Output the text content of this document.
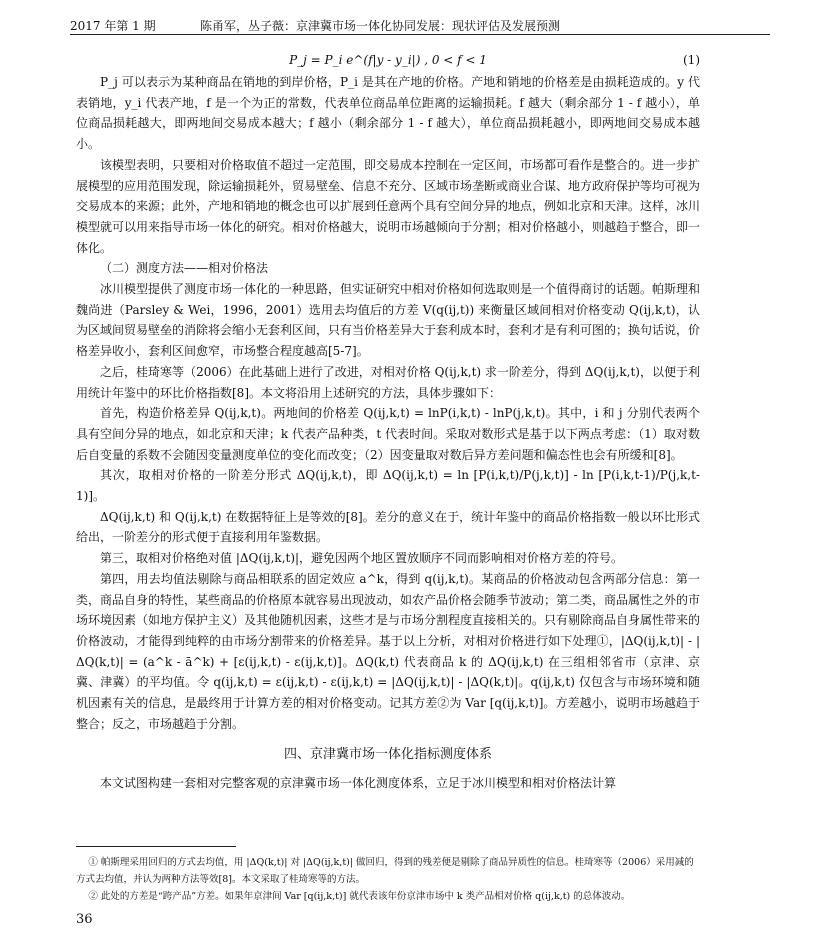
2017 年第 1 期	陈甬军，丛子薇：京津冀市场一体化协同发展：现状评估及发展预测
P_j = P_i e^(f|y - y_i|) , 0 < f < 1	(1)

P_j 可以表示为某种商品在销地的到岸价格，P_i 是其在产地的价格。产地和销地的价格差是由损耗造成的。y 代表销地，y_i 代表产地，f 是一个为正的常数，代表单位商品单位距离的运输损耗。f 越大（剩余部分 1 - f 越小），单位商品损耗越大，即两地间交易成本越大；f 越小（剩余部分 1 - f 越大），单位商品损耗越小，即两地间交易成本越小。

该模型表明，只要相对价格取值不超过一定范围，即交易成本控制在一定区间，市场都可看作是整合的。进一步扩展模型的应用范围发现，除运输损耗外，贸易壁垒、信息不充分、区域市场垄断或商业合谋、地方政府保护等均可视为交易成本的来源；此外，产地和销地的概念也可以扩展到任意两个具有空间分异的地点，例如北京和天津。这样，冰川模型就可以用来指导市场一体化的研究。相对价格越大，说明市场越倾向于分割；相对价格越小，则越趋于整合，即一体化。

（二）测度方法——相对价格法

冰川模型提供了测度市场一体化的一种思路，但实证研究中相对价格如何选取则是一个值得商讨的话题。帕斯理和魏尚进（Parsley & Wei，1996，2001）选用去均值后的方差 V(q(ij,t)) 来衡量区域间相对价格变动 Q(ij,k,t)，认为区域间贸易壁垒的消除将会缩小无套利区间，只有当价格差异大于套利成本时，套利才是有利可图的；换句话说，价格差异收小，套利区间愈窄，市场整合程度越高[5-7]。

之后，桂琦寒等（2006）在此基础上进行了改进，对相对价格 Q(ij,k,t) 求一阶差分，得到 ΔQ(ij,k,t)，以便于利用统计年鉴中的环比价格指数[8]。本文将沿用上述研究的方法，具体步骤如下：

首先，构造价格差异 Q(ij,k,t)。两地间的价格差 Q(ij,k,t) = lnP(i,k,t) - lnP(j,k,t)。其中，i 和 j 分别代表两个具有空间分异的地点，如北京和天津；k 代表产品种类，t 代表时间。采取对数形式是基于以下两点考虑：（1）取对数后自变量的系数不会随因变量测度单位的变化而改变；（2）因变量取对数后异方差问题和偏态性也会有所缓和[8]。

其次，取相对价格的一阶差分形式 ΔQ(ij,k,t)，即 ΔQ(ij,k,t) = ln [P(i,k,t)/P(j,k,t)] - ln [P(i,k,t-1)/P(j,k,t-1)]。

ΔQ(ij,k,t) 和 Q(ij,k,t) 在数据特征上是等效的[8]。差分的意义在于，统计年鉴中的商品价格指数一般以环比形式给出，一阶差分的形式便于直接利用年鉴数据。

第三，取相对价格绝对值 |ΔQ(ij,k,t)|，避免因两个地区置放顺序不同而影响相对价格方差的符号。

第四，用去均值法剔除与商品相联系的固定效应 a^k，得到 q(ij,k,t)。某商品的价格波动包含两部分信息：第一类，商品自身的特性，某些商品的价格原本就容易出现波动，如农产品价格会随季节波动；第二类，商品属性之外的市场环境因素（如地方保护主义）及其他随机因素，这些才是与市场分割程度直接相关的。只有剔除商品自身属性带来的价格波动，才能得到纯粹的由市场分割带来的价格差异。基于以上分析，对相对价格进行如下处理①，|ΔQ(ij,k,t)| - |ΔQ(k,t)| = (a^k - ā^k) + [ε(ij,k,t) - ε(ij,k,t)]。ΔQ(k,t) 代表商品 k 的 ΔQ(ij,k,t) 在三组相邻省市（京津、京冀、津冀）的平均值。令 q(ij,k,t) = ε(ij,k,t) - ε(ij,k,t) = |ΔQ(ij,k,t)| - |ΔQ(k,t)|。q(ij,k,t) 仅包含与市场环境和随机因素有关的信息，是最终用于计算方差的相对价格变动。记其方差②为 Var [q(ij,k,t)]。方差越小，说明市场越趋于整合；反之，市场越趋于分割。

四、京津冀市场一体化指标测度体系

本文试图构建一套相对完整客观的京津冀市场一体化测度体系，立足于冰川模型和相对价格法计算

① 帕斯理采用回归的方式去均值，用 |ΔQ(k,t)| 对 |ΔQ(ij,k,t)| 做回归，得到的残差便是剔除了商品异质性的信息。桂琦寒等（2006）采用减的方式去均值，并认为两种方法等效[8]。本文采取了桂琦寒等的方法。

② 此处的方差是“跨产品”方差。如果年京津间 Var [q(ij,k,t)] 就代表该年份京津市场中 k 类产品相对价格 q(ij,k,t) 的总体波动。

36
